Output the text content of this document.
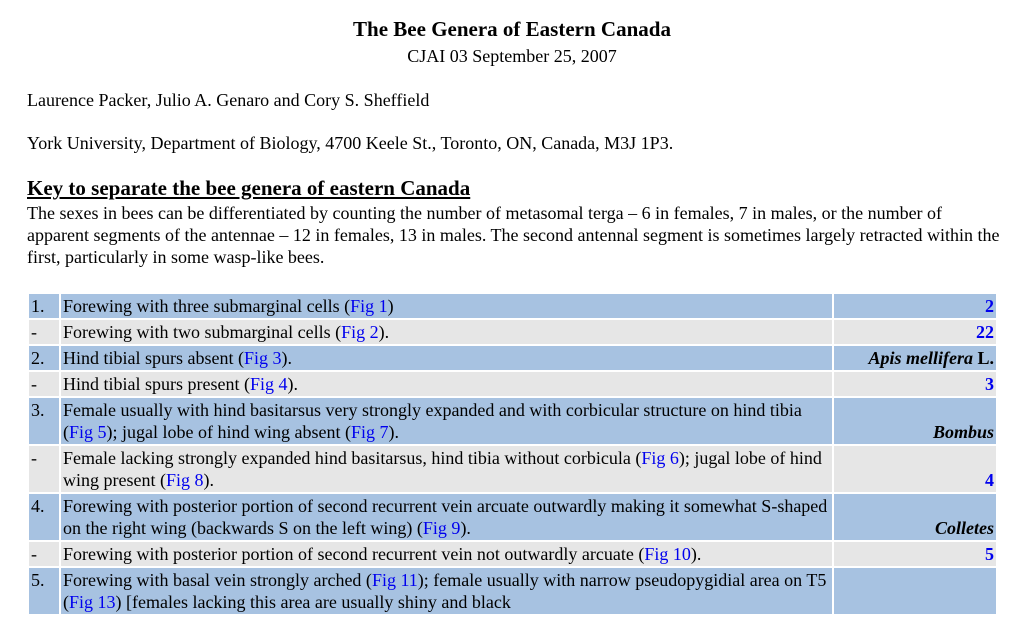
The Bee Genera of Eastern Canada
CJAI 03 September 25, 2007
Laurence Packer, Julio A. Genaro and Cory S. Sheffield
York University, Department of Biology, 4700 Keele St., Toronto, ON, Canada, M3J 1P3.
Key to separate the bee genera of eastern Canada
The sexes in bees can be differentiated by counting the number of metasomal terga – 6 in females, 7 in males, or the number of apparent segments of the antennae – 12 in females, 13 in males. The second antennal segment is sometimes largely retracted within the first, particularly in some wasp-like bees.
1.	Forewing with three submarginal cells (Fig 1)	2
-	Forewing with two submarginal cells (Fig 2).	22
2.	Hind tibial spurs absent (Fig 3).	Apis mellifera L.
-	Hind tibial spurs present (Fig 4).	3
3.	Female usually with hind basitarsus very strongly expanded and with corbicular structure on hind tibia (Fig 5); jugal lobe of hind wing absent (Fig 7).	Bombus
-	Female lacking strongly expanded hind basitarsus, hind tibia without corbicula (Fig 6); jugal lobe of hind wing present (Fig 8).	4
4.	Forewing with posterior portion of second recurrent vein arcuate outwardly making it somewhat S-shaped on the right wing (backwards S on the left wing) (Fig 9).	Colletes
-	Forewing with posterior portion of second recurrent vein not outwardly arcuate (Fig 10).	5
5.	Forewing with basal vein strongly arched (Fig 11); female usually with narrow pseudopygidial area on T5 (Fig 13) [females lacking this area are usually shiny and black	
